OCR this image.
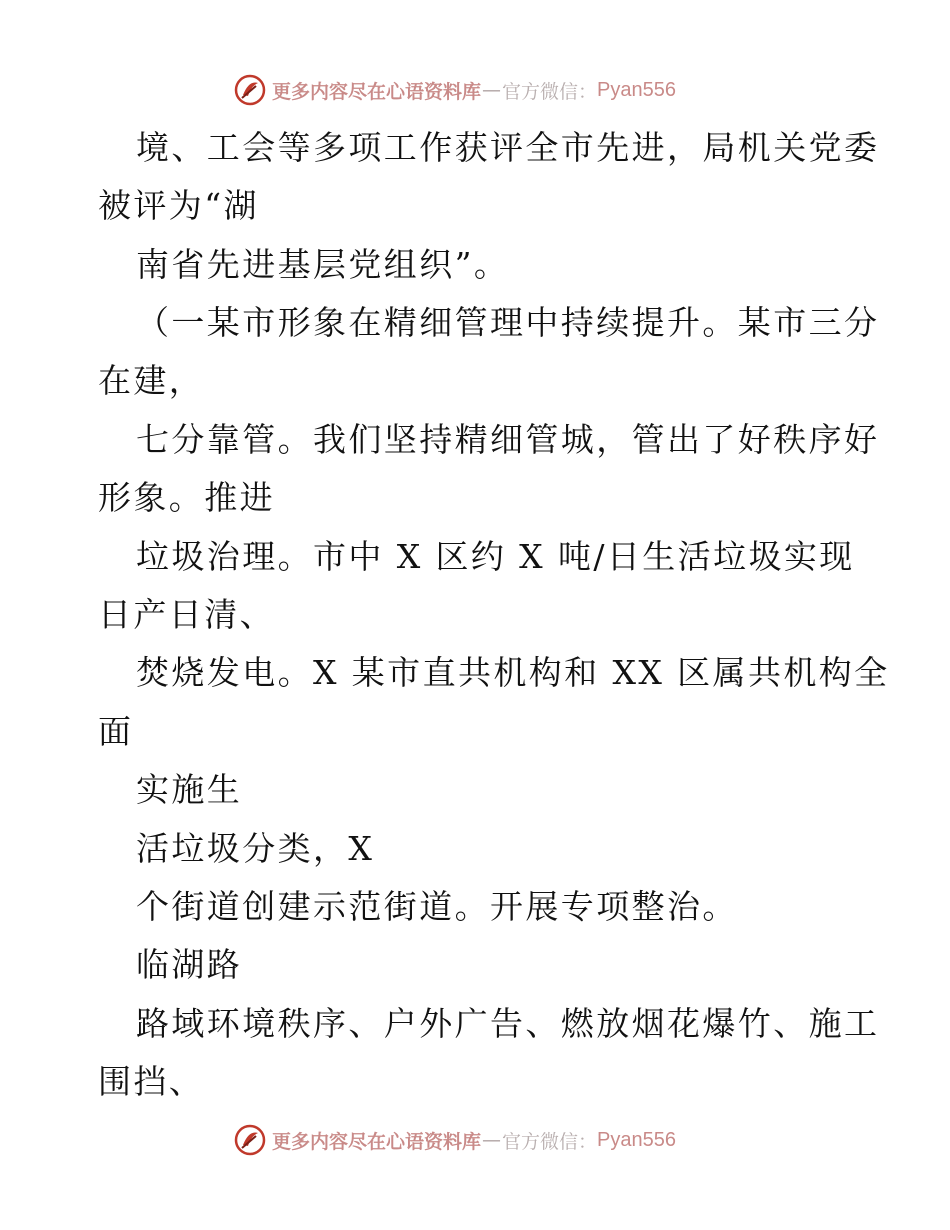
更多内容尽在心语资料库 — 官方微信： Pyan556
境、工会等多项工作获评全市先进，局机关党委
被评为“湖
南省先进基层党组织”。
（一某市形象在精细管理中持续提升。某市三分
在建，
七分靠管。我们坚持精细管城，管出了好秩序好
形象。推进
垃圾治理。市中 X 区约 X 吨/日生活垃圾实现
日产日清、
焚烧发电。X 某市直共机构和 XX 区属共机构全
面
实施生
活垃圾分类，X
个街道创建示范街道。开展专项整治。
临湖路
路域环境秩序、户外广告、燃放烟花爆竹、施工
围挡、
更多内容尽在心语资料库 — 官方微信： Pyan556
